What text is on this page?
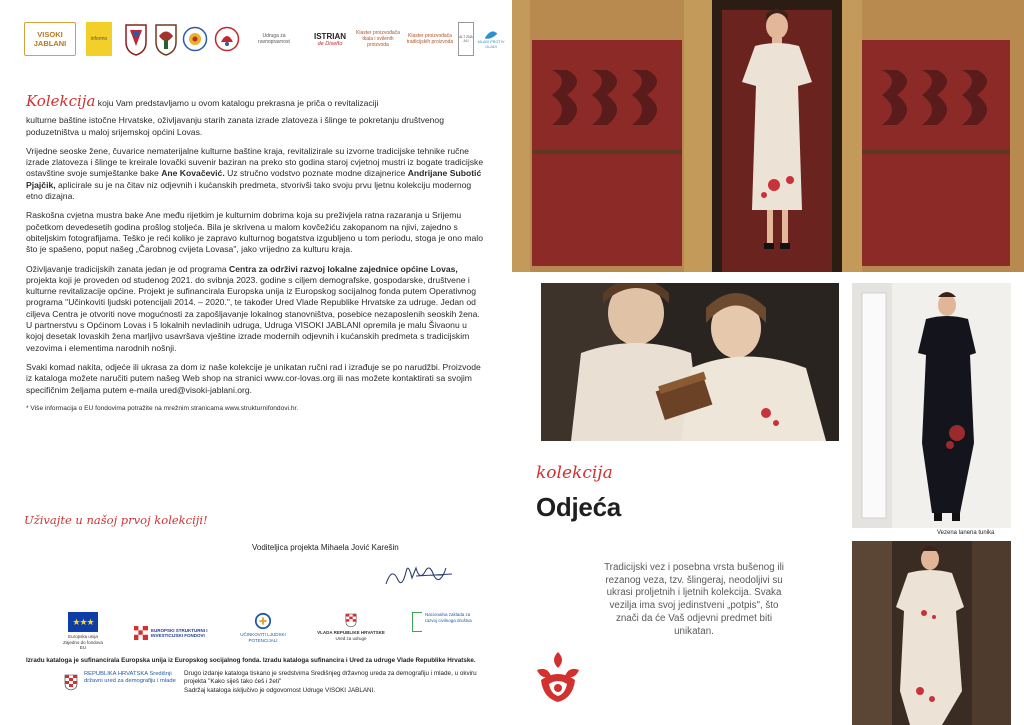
VISOKI JABLANI	informo	Udruga za ravnopravnost
ISTRIAN
de Diseño
Klaster proizvođača tkala i svilenih proizvoda
Klaster proizvođača tradicijskih proizvoda
ALT ZNA ALI	MLADI PROTIV GLADI

Kolekcija koju Vam predstavljamo u ovom katalogu prekrasna je priča o revitalizaciji

kulturne baštine istočne Hrvatske, oživljavanju starih zanata izrade zlatoveza i šlinge te pokretanju društvenog poduzetništva u maloj srijemskoj općini Lovas.

Vrijedne seoske žene, čuvarice nematerijalne kulturne baštine kraja, revitalizirale su izvorne tradicijske tehnike ručne izrade zlatoveza i šlinge te kreirale lovački suvenir baziran na preko sto godina staroj cvjetnoj mustri iz bogate tradicijske ostavštine svoje sumještanke bake Ane Kovačević. Uz stručno vodstvo poznate modne dizajnerice Andrijane Subotić Pjajčik, aplicirale su je na čitav niz odjevnih i kućanskih predmeta, stvorivši tako svoju prvu ljetnu kolekciju modernog etno dizajna.

Raskošna cvjetna mustra bake Ane među rijetkim je kulturnim dobrima koja su preživjela ratna razaranja u Srijemu početkom devedesetih godina prošlog stoljeća. Bila je skrivena u malom kovčežiću zakopanom na njivi, zajedno s obiteljskim fotografijama. Teško je reći koliko je zapravo kulturnog bogatstva izgubljeno u tom periodu, stoga je ono malo što je spašeno, poput našeg „Čarobnog cvijeta Lovasa", jako vrijedno za kulturu kraja.

Oživljavanje tradicijskih zanata jedan je od programa Centra za održivi razvoj lokalne zajednice općine Lovas, projekta koji je proveden od studenog 2021. do svibnja 2023. godine s ciljem demografske, gospodarske, društvene i kulturne revitalizacije općine. Projekt je sufinancirala Europska unija iz Europskog socijalnog fonda putem Operativnog programa "Učinkoviti ljudski potencijali 2014. – 2020.", te također Ured Vlade Republike Hrvatske za udruge. Jedan od ciljeva Centra je otvoriti nove mogućnosti za zapošljavanje lokalnog stanovništva, posebice nezaposlenih seoskih žena. U partnerstvu s Općinom Lovas i 5 lokalnih nevladinih udruga, Udruga VISOKI JABLANI opremila je malu Šivaonu u kojoj desetak lovaskih žena marljivo usavršava vještine izrade modernih odjevnih i kućanskih predmeta s tradicijskim vezovima i elementima narodnih nošnji.

Svaki komad nakita, odjeće ili ukrasa za dom iz naše kolekcije je unikatan ručni rad i izrađuje se po narudžbi. Proizvode iz kataloga možete naručiti putem našeg Web shop na stranici www.cor-lovas.org ili nas možete kontaktirati sa svojim specifičnim željama putem e-maila ured@visoki-jablani.org.

* Više informacija o EU fondovima potražite na mrežnim stranicama www.strukturnifondovi.hr.

Uživajte u našoj prvoj kolekciji!
Voditeljica projekta Mihaela Jović Karešin
★★★
Europska unija Zajedno do fondova EU
EUROPSKI STRUKTURNI I INVESTICIJSKI FONDOVI	UČINKOVITI LJUDSKI POTENCIJALI
VLADA REPUBLIKE HRVATSKE
Ured za udruge
Nacionalna zaklada za razvoj civilnoga društva
Izradu kataloga je sufinancirala Europska unija iz Europskog socijalnog fonda. Izradu kataloga sufinancira i Ured za udruge Vlade Republike Hrvatske.
REPUBLIKA HRVATSKA Središnji državni ured za demografiju i mlade
Drugo izdanje kataloga tiskano je sredstvima Središnjeg državnog ureda za demografiju i mlade, u okviru projekta "Kako siješ tako ćeš i žeti"
Sadržaj kataloga isključivo je odgovornost Udruge VISOKI JABLANI.
Vezena lanena tunika
kolekcija
Odjeća
Tradicijski vez i posebna vrsta bušenog ili rezanog veza, tzv. šlingeraj, neodoljivi su ukrasi proljetnih i ljetnih kolekcija. Svaka vezilja ima svoj jedinstveni „potpis", što znači da će Vaš odjevni predmet biti unikatan.
